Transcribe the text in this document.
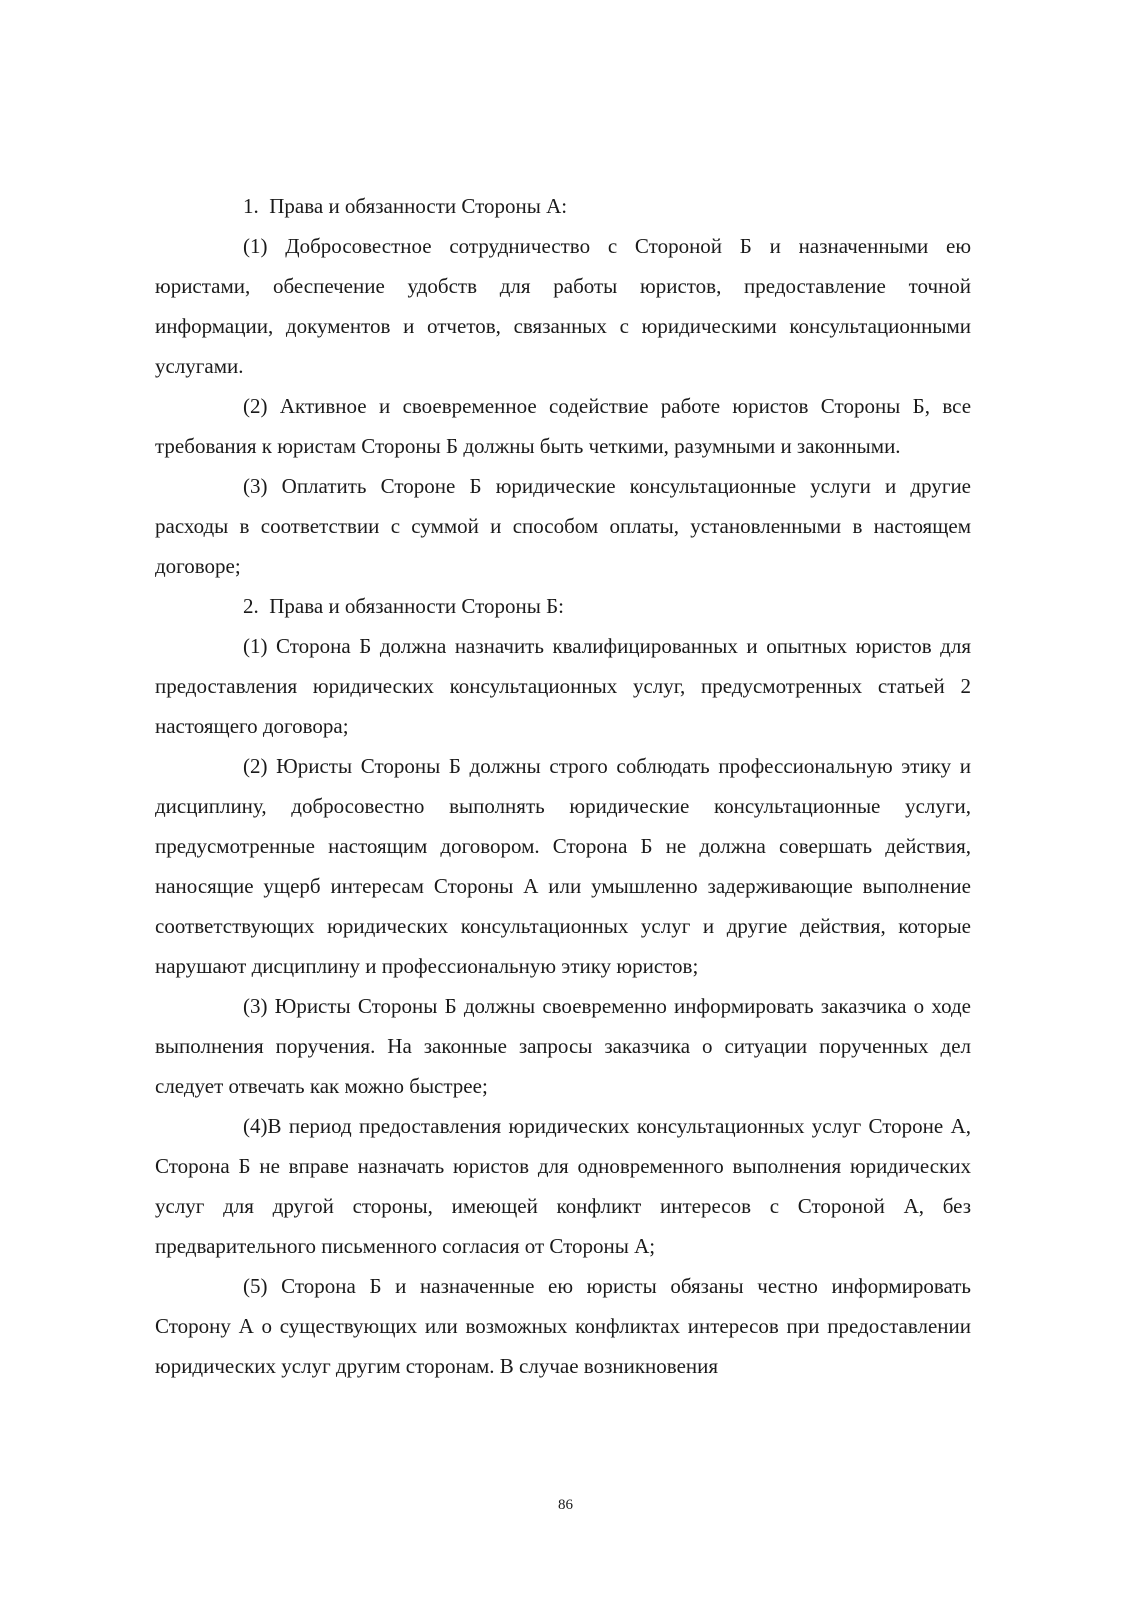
1. Права и обязанности Стороны А:

(1) Добросовестное сотрудничество с Стороной Б и назначенными ею юристами, обеспечение удобств для работы юристов, предоставление точной информации, документов и отчетов, связанных с юридическими консультационными услугами.

(2) Активное и своевременное содействие работе юристов Стороны Б, все требования к юристам Стороны Б должны быть четкими, разумными и законными.

(3) Оплатить Стороне Б юридические консультационные услуги и другие расходы в соответствии с суммой и способом оплаты, установленными в настоящем договоре;

2. Права и обязанности Стороны Б:

(1) Сторона Б должна назначить квалифицированных и опытных юристов для предоставления юридических консультационных услуг, предусмотренных статьей 2 настоящего договора;

(2) Юристы Стороны Б должны строго соблюдать профессиональную этику и дисциплину, добросовестно выполнять юридические консультационные услуги, предусмотренные настоящим договором. Сторона Б не должна совершать действия, наносящие ущерб интересам Стороны А или умышленно задерживающие выполнение соответствующих юридических консультационных услуг и другие действия, которые нарушают дисциплину и профессиональную этику юристов;

(3) Юристы Стороны Б должны своевременно информировать заказчика о ходе выполнения поручения. На законные запросы заказчика о ситуации порученных дел следует отвечать как можно быстрее;

(4)В период предоставления юридических консультационных услуг Стороне А, Сторона Б не вправе назначать юристов для одновременного выполнения юридических услуг для другой стороны, имеющей конфликт интересов с Стороной А, без предварительного письменного согласия от Стороны А;

(5) Сторона Б и назначенные ею юристы обязаны честно информировать Сторону А о существующих или возможных конфликтах интересов при предоставлении юридических услуг другим сторонам. В случае возникновения

86
